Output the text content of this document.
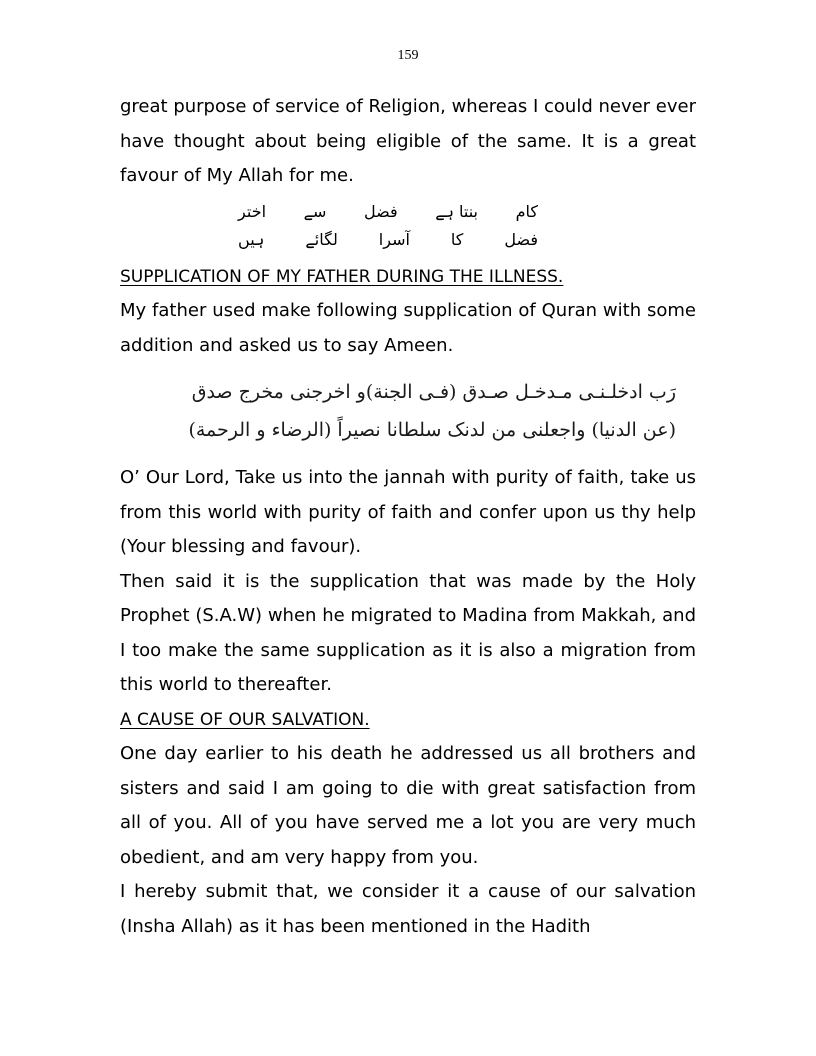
159

great purpose of service of Religion, whereas I could never ever have thought about being eligible of the same. It is a great favour of My Allah for me.

کام
بنتا ہے
فضل
سے
اختر
فضل
کا
آسرا
لگائے
ہیں
SUPPLICATION OF MY FATHER DURING THE ILLNESS.

My father used make following supplication of Quran with some addition and asked us to say Ameen.

رَب ادخلـنـی مـدخـل صـدق (فـی الجنة)و اخرجنی مخرج صدق
(عن الدنیا) واجعلنی من لدنک سلطانا نصیراً (الرضاء و الرحمة)

O’ Our Lord, Take us into the jannah with purity of faith, take us from this world with purity of faith and confer upon us thy help (Your blessing and favour).

Then said it is the supplication that was made by the Holy Prophet (S.A.W) when he migrated to Madina from Makkah, and I too make the same supplication as it is also a migration from this world to thereafter.

A CAUSE OF OUR SALVATION.

One day earlier to his death he addressed us all brothers and sisters and said I am going to die with great satisfaction from all of you. All of you have served me a lot you are very much obedient, and am very happy from you.

I hereby submit that, we consider it a cause of our salvation (Insha Allah) as it has been mentioned in the Hadith
